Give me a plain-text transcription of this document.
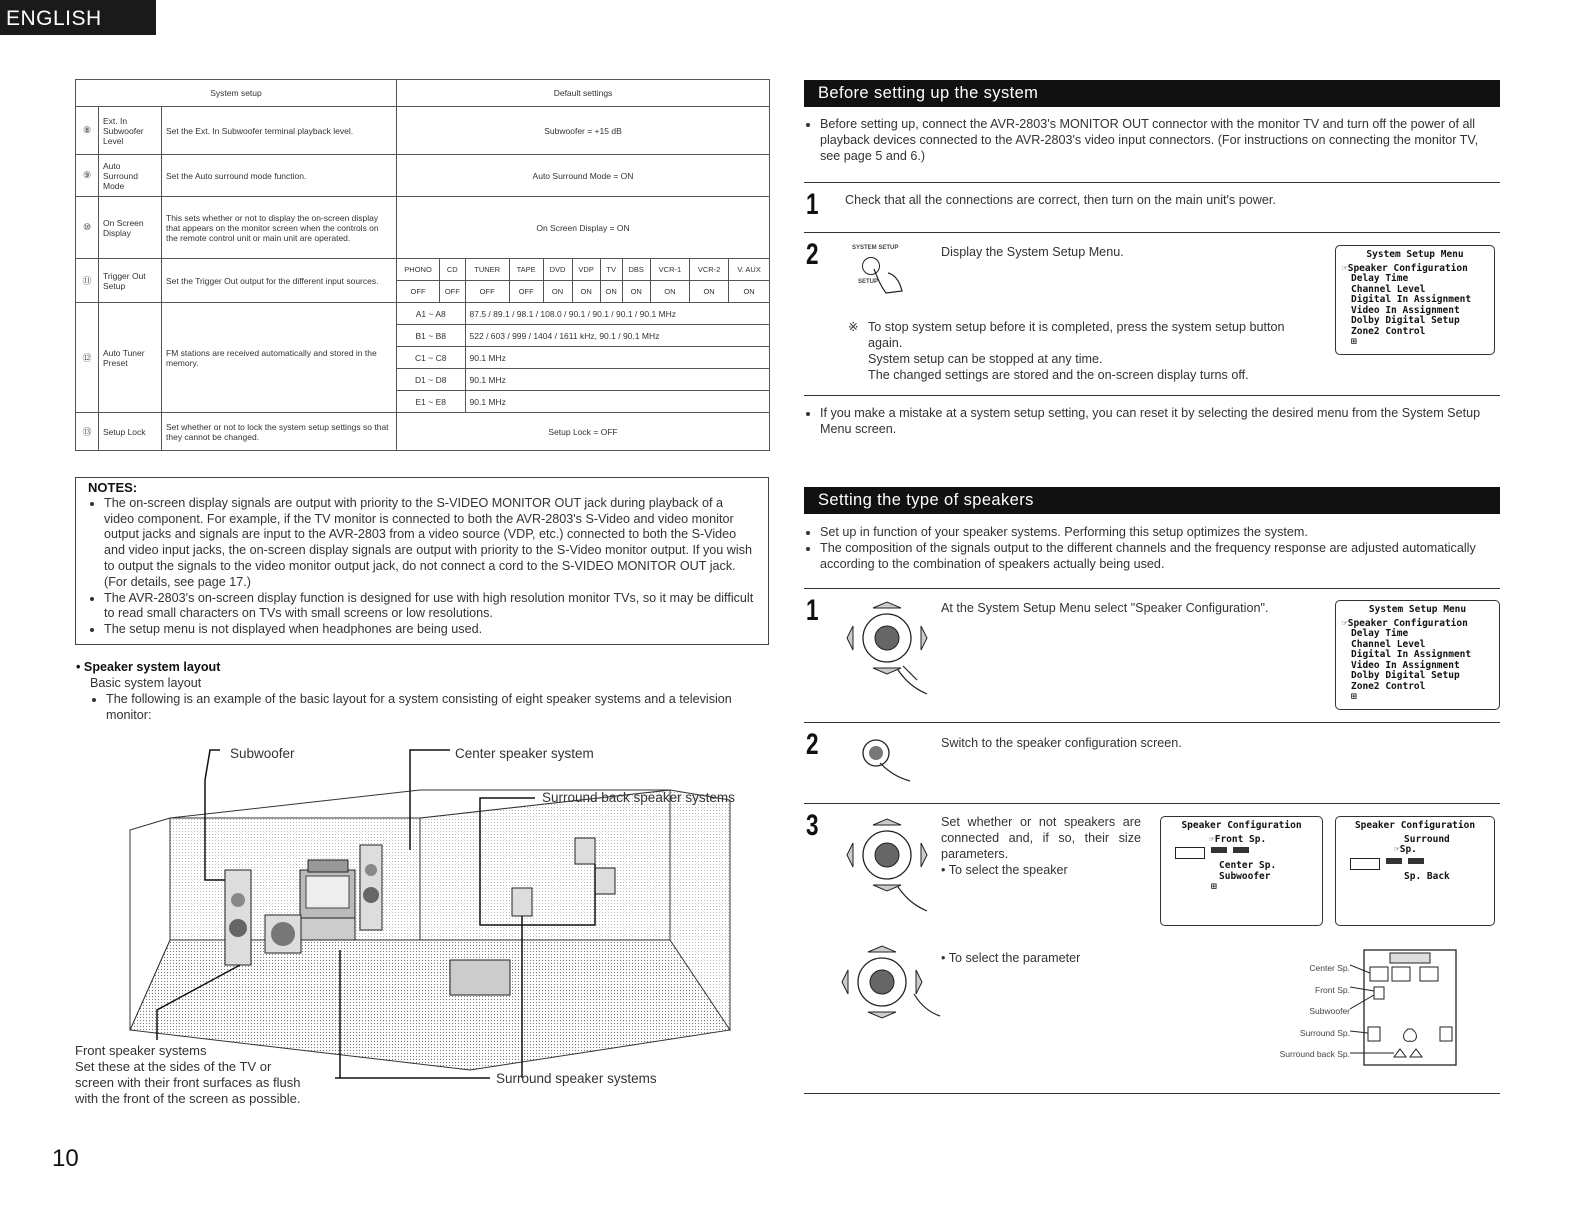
ENGLISH
System setup			Default settings										
⑧	Ext. In Subwoofer Level	Set the Ext. In Subwoofer terminal playback level.	Subwoofer = +15 dB										
⑨	Auto Surround Mode	Set the Auto surround mode function.	Auto Surround Mode = ON										
⑩	On Screen Display	This sets whether or not to display the on-screen display that appears on the monitor screen when the controls on the remote control unit or main unit are operated.	On Screen Display = ON										
⑪	Trigger Out Setup	Set the Trigger Out output for the different input sources.	PHONO	CD	TUNER	TAPE	DVD	VDP	TV	DBS	VCR-1	VCR-2	V. AUX
			OFF	OFF	OFF	OFF	ON	ON	ON	ON	ON	ON	ON
⑫	Auto Tuner Preset	FM stations are received automatically and stored in the memory.	A1 ~ A8		87.5 / 89.1 / 98.1 / 108.0 / 90.1 / 90.1 / 90.1 / 90.1 MHz								
			B1 ~ B8		522 / 603 / 999 / 1404 / 1611 kHz, 90.1 / 90.1 MHz								
			C1 ~ C8		90.1 MHz								
			D1 ~ D8		90.1 MHz								
			E1 ~ E8		90.1 MHz								
⑬	Setup Lock	Set whether or not to lock the system setup settings so that they cannot be changed.	Setup Lock = OFF										
NOTES:
• The on-screen display signals are output with priority to the S-VIDEO MONITOR OUT jack during playback of a video component. For example, if the TV monitor is connected to both the AVR-2803's S-Video and video monitor output jacks and signals are input to the AVR-2803 from a video source (VDP, etc.) connected to both the S-Video and video input jacks, the on-screen display signals are output with priority to the S-Video monitor output. If you wish to output the signals to the video monitor output jack, do not connect a cord to the S-VIDEO MONITOR OUT jack. (For details, see page 17.)
• The AVR-2803's on-screen display function is designed for use with high resolution monitor TVs, so it may be difficult to read small characters on TVs with small screens or low resolutions.
• The setup menu is not displayed when headphones are being used.
• Speaker system layout
Basic system layout
• The following is an example of the basic layout for a system consisting of eight speaker systems and a television monitor:
Subwoofer	Center speaker system
Surround back speaker systems
Front speaker systems
Set these at the sides of the TV or
screen with their front surfaces as flush
with the front of the screen as possible.
Surround speaker systems
10
Before setting up the system
• Before setting up, connect the AVR-2803's MONITOR OUT connector with the monitor TV and turn off the power of all playback devices connected to the AVR-2803's video input connectors. (For instructions on connecting the monitor TV, see page 5 and 6.)
1 Check that all the connections are correct, then turn on the main unit's power.
2	SYSTEM SETUP
SETUP
Display the System Setup Menu.
※ To stop system setup before it is completed, press the system setup button again.
System setup can be stopped at any time.
The changed settings are stored and the on-screen display turns off.
System Setup Menu
☞Speaker Configuration
Delay Time
Channel Level
Digital In Assignment
Video In Assignment
Dolby Digital Setup
Zone2 Control
⊞
• If you make a mistake at a system setup setting, you can reset it by selecting the desired menu from the System Setup Menu screen.
Setting the type of speakers
• Set up in function of your speaker systems. Performing this setup optimizes the system.
• The composition of the signals output to the different channels and the frequency response are adjusted automatically according to the combination of speakers actually being used.
1	At the System Setup Menu select "Speaker Configuration".	System Setup Menu
☞Speaker Configuration
Delay Time
Channel Level
Digital In Assignment
Video In Assignment
Dolby Digital Setup
Zone2 Control
⊞
2	Switch to the speaker configuration screen.
3	Set whether or not speakers are connected and, if so, their size parameters.
• To select the speaker
Speaker Configuration
☞Front Sp.
Center Sp.
Subwoofer
⊞
Speaker Configuration
Surround
☞Sp.
Sp. Back
• To select the parameter
Center Sp.
Front Sp.
Subwoofer
Surround Sp.
Surround back Sp.
